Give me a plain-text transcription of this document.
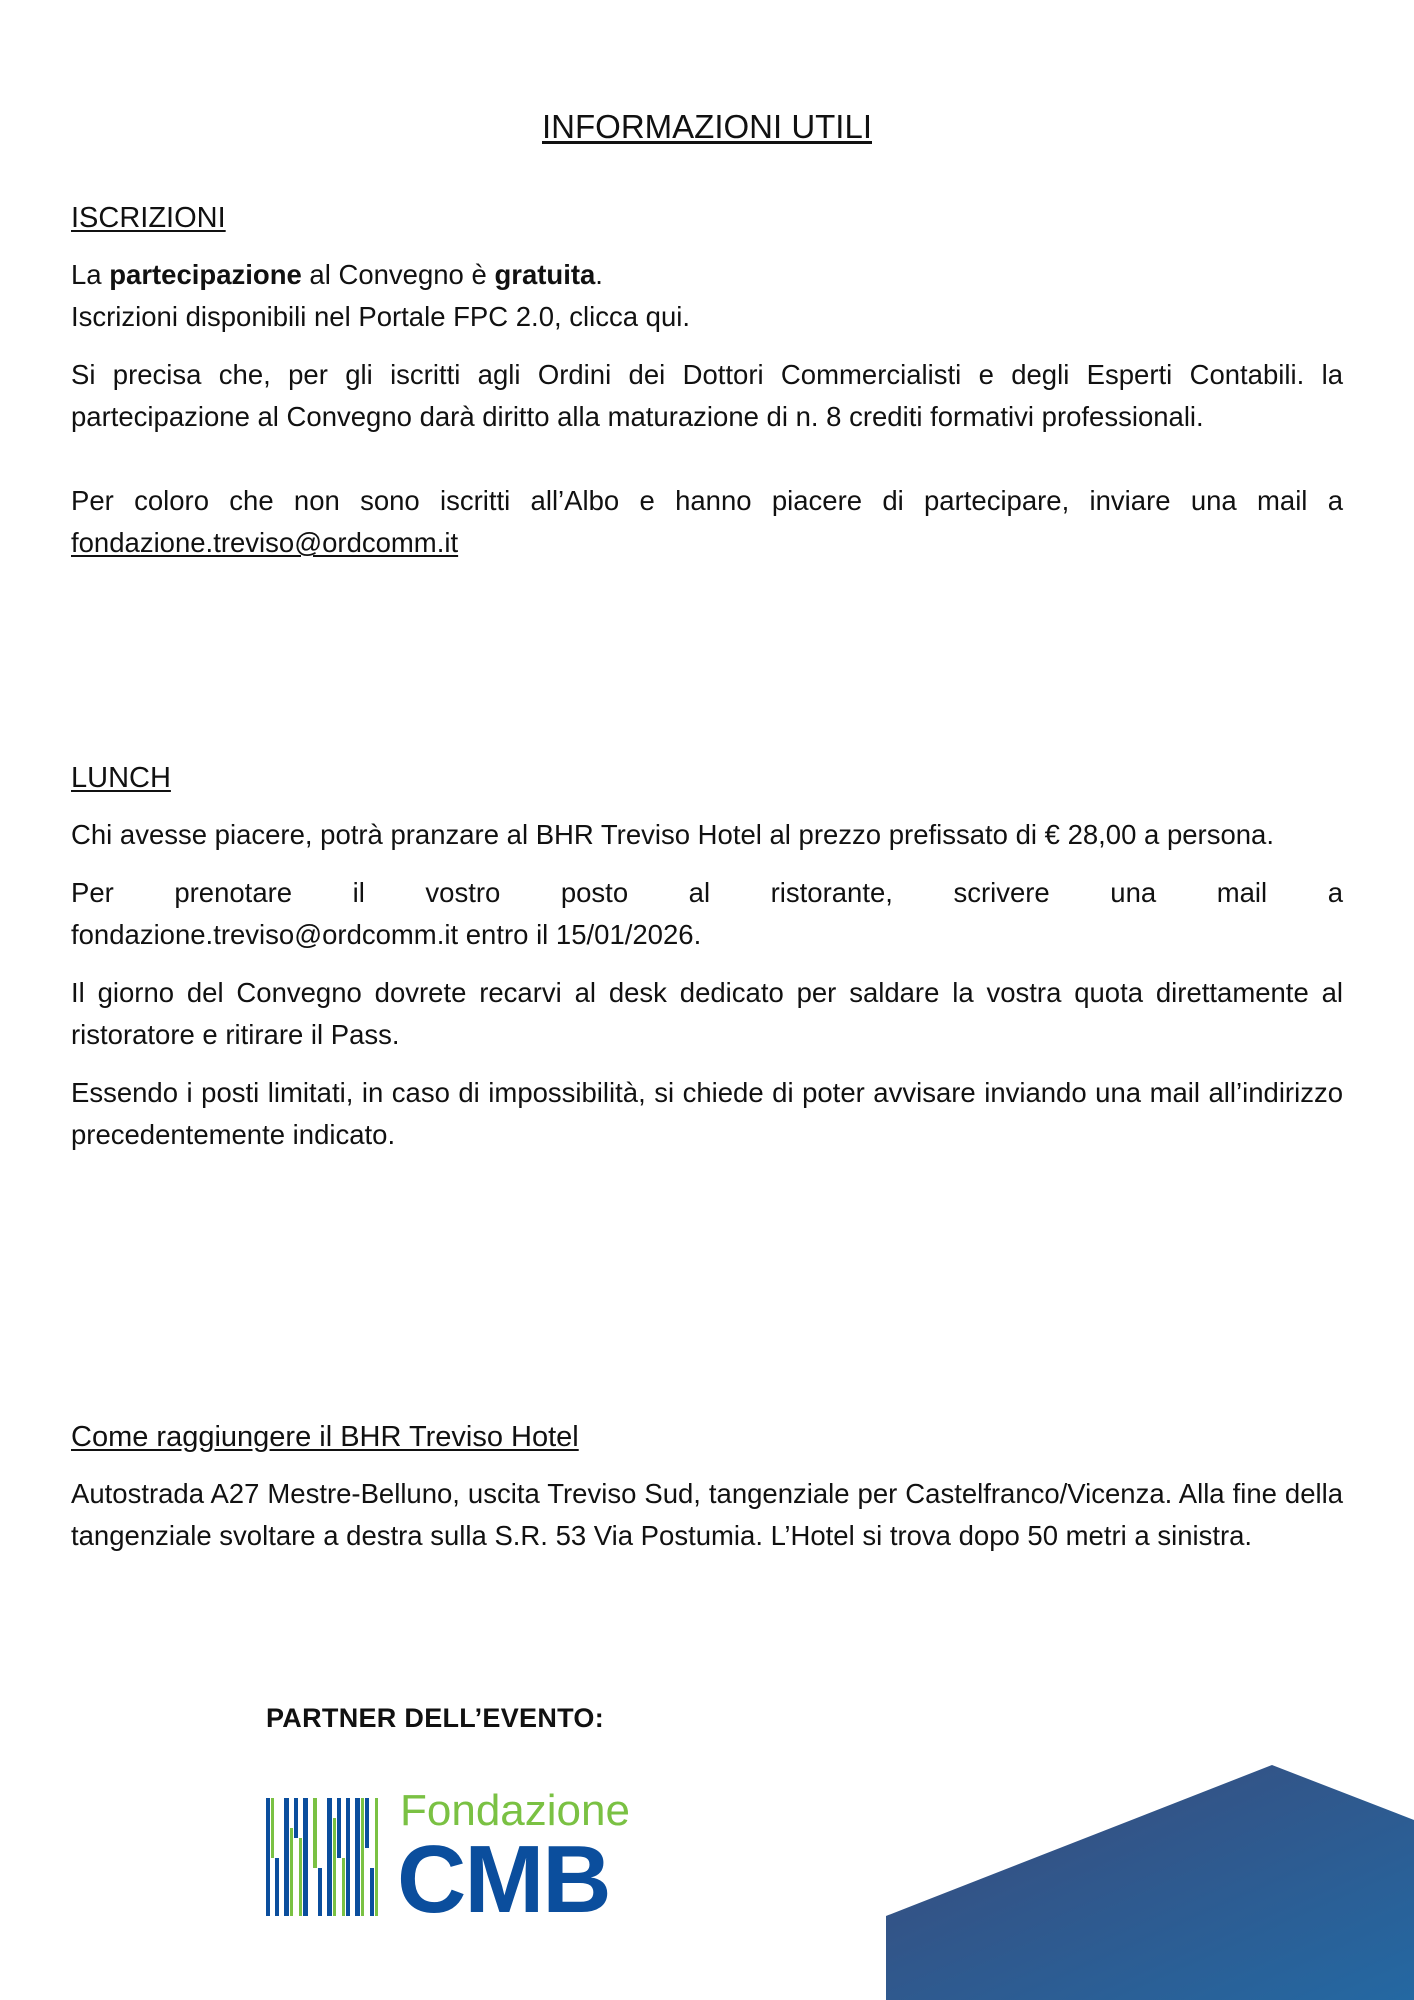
INFORMAZIONI UTILI
ISCRIZIONI

La partecipazione al Convegno è gratuita.

Iscrizioni disponibili nel Portale FPC 2.0, clicca qui.

Si precisa che, per gli iscritti agli Ordini dei Dottori Commercialisti e degli Esperti Contabili. la partecipazione al Convegno darà diritto alla maturazione di n. 8 crediti formativi professionali.

Per coloro che non sono iscritti all’Albo e hanno piacere di partecipare, inviare una mail a

fondazione.treviso@ordcomm.it

LUNCH

Chi avesse piacere, potrà pranzare al BHR Treviso Hotel al prezzo prefissato di € 28,00 a persona.

Per prenotare il vostro posto al ristorante, scrivere una mail a

fondazione.treviso@ordcomm.it entro il 15/01/2026.

Il giorno del Convegno dovrete recarvi al desk dedicato per saldare la vostra quota direttamente al ristoratore e ritirare il Pass.

Essendo i posti limitati, in caso di impossibilità, si chiede di poter avvisare inviando una mail all’indirizzo precedentemente indicato.

Come raggiungere il BHR Treviso Hotel

Autostrada A27 Mestre-Belluno, uscita Treviso Sud, tangenziale per Castelfranco/Vicenza. Alla fine della tangenziale svoltare a destra sulla S.R. 53 Via Postumia. L’Hotel si trova dopo 50 metri a sinistra.

PARTNER DELL’EVENTO:

Fondazione
CMB
